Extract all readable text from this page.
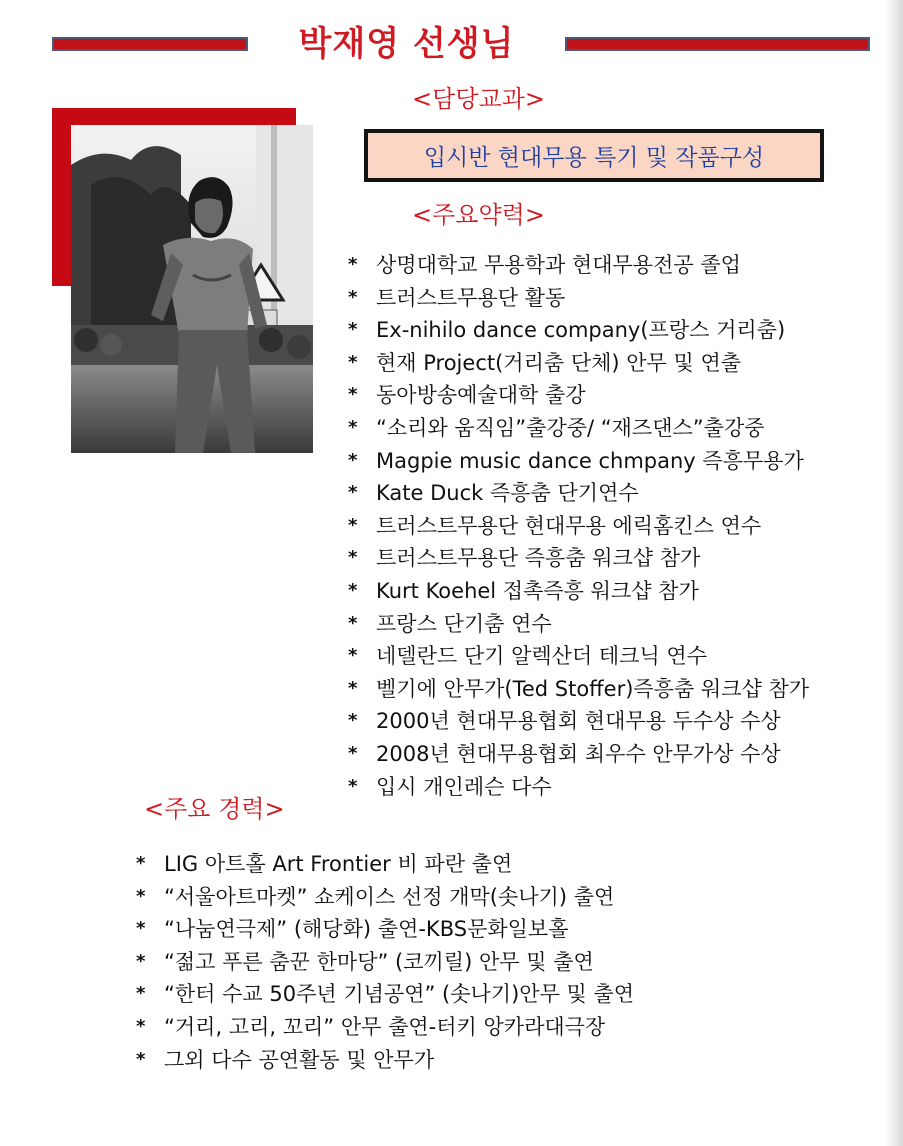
박재영 선생님
<담당교과>
입시반 현대무용 특기 및 작품구성
<주요약력>
* 상명대학교 무용학과 현대무용전공 졸업
* 트러스트무용단 활동
* Ex-nihilo dance company(프랑스 거리춤)
* 현재 Project(거리춤 단체) 안무 및 연출
* 동아방송예술대학 출강
* “소리와 움직임”출강중/ “재즈댄스”출강중
* Magpie music dance chmpany 즉흥무용가
* Kate Duck 즉흥춤 단기연수
* 트러스트무용단 현대무용 에릭홈킨스 연수
* 트러스트무용단 즉흥춤 워크샵 참가
* Kurt Koehel 접촉즉흥 워크샵 참가
* 프랑스 단기춤 연수
* 네델란드 단기 알렉산더 테크닉 연수
* 벨기에 안무가(Ted Stoffer)즉흥춤 워크샵 참가
* 2000년 현대무용협회 현대무용 두수상 수상
* 2008년 현대무용협회 최우수 안무가상 수상
* 입시 개인레슨 다수
<주요 경력>
* LIG 아트홀 Art Frontier 비 파란 출연
* “서울아트마켓” 쇼케이스 선정 개막(솟나기) 출연
* “나눔연극제” (해당화) 출연-KBS문화일보홀
* “젊고 푸른 춤꾼 한마당” (코끼릴) 안무 및 출연
* “한터 수교 50주년 기념공연” (솟나기)안무 및 출연
* “거리, 고리, 꼬리” 안무 출연-터키 앙카라대극장
* 그외 다수 공연활동 및 안무가
